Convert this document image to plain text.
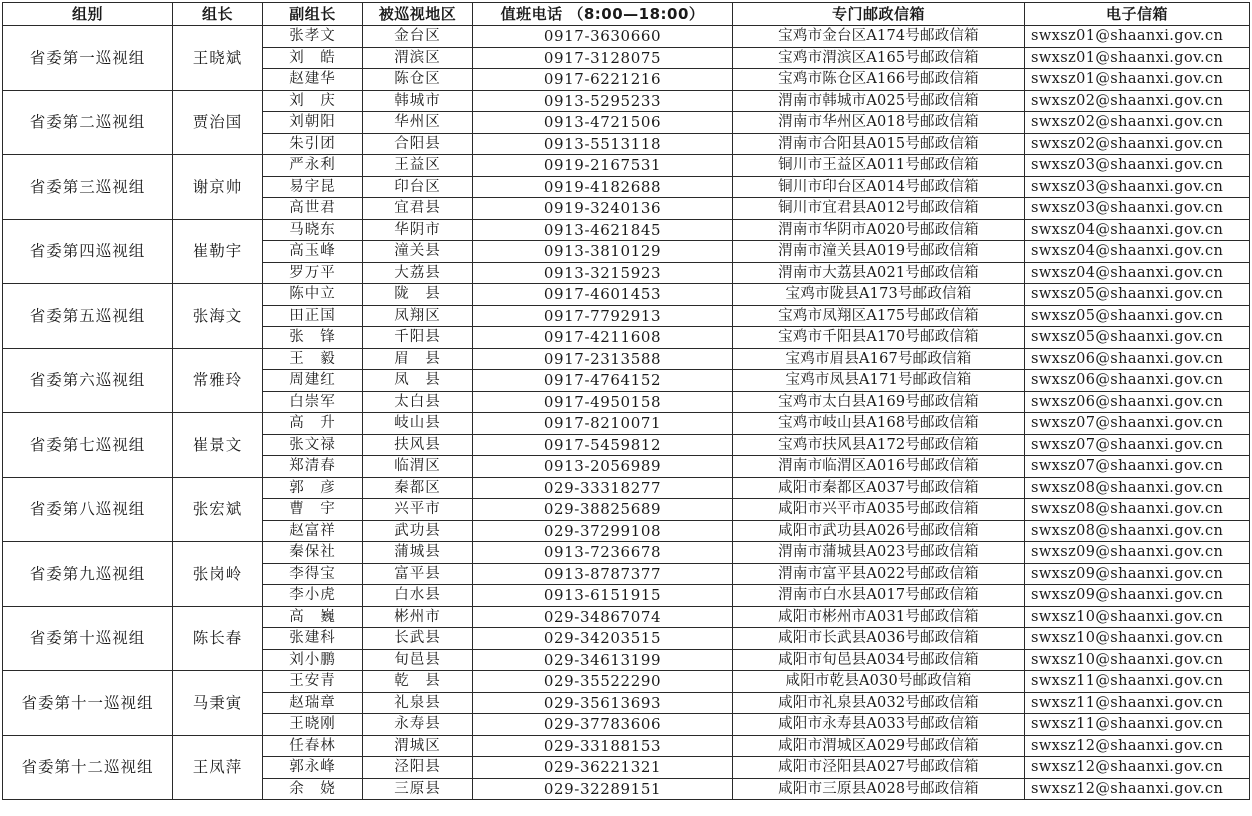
组别	组长	副组长	被巡视地区	值班电话 （8:00—18:00）	专门邮政信箱	电子信箱
省委第一巡视组	王晓斌	张孝文	金台区	0917-3630660	宝鸡市金台区A174号邮政信箱	swxsz01@shaanxi.gov.cn
		刘　皓	渭滨区	0917-3128075	宝鸡市渭滨区A165号邮政信箱	swxsz01@shaanxi.gov.cn
		赵建华	陈仓区	0917-6221216	宝鸡市陈仓区A166号邮政信箱	swxsz01@shaanxi.gov.cn
省委第二巡视组	贾治国	刘　庆	韩城市	0913-5295233	渭南市韩城市A025号邮政信箱	swxsz02@shaanxi.gov.cn
		刘朝阳	华州区	0913-4721506	渭南市华州区A018号邮政信箱	swxsz02@shaanxi.gov.cn
		朱引团	合阳县	0913-5513118	渭南市合阳县A015号邮政信箱	swxsz02@shaanxi.gov.cn
省委第三巡视组	谢京帅	严永利	王益区	0919-2167531	铜川市王益区A011号邮政信箱	swxsz03@shaanxi.gov.cn
		易宇昆	印台区	0919-4182688	铜川市印台区A014号邮政信箱	swxsz03@shaanxi.gov.cn
		高世君	宜君县	0919-3240136	铜川市宜君县A012号邮政信箱	swxsz03@shaanxi.gov.cn
省委第四巡视组	崔勒宇	马晓东	华阴市	0913-4621845	渭南市华阴市A020号邮政信箱	swxsz04@shaanxi.gov.cn
		高玉峰	潼关县	0913-3810129	渭南市潼关县A019号邮政信箱	swxsz04@shaanxi.gov.cn
		罗万平	大荔县	0913-3215923	渭南市大荔县A021号邮政信箱	swxsz04@shaanxi.gov.cn
省委第五巡视组	张海文	陈中立	陇　县	0917-4601453	宝鸡市陇县A173号邮政信箱	swxsz05@shaanxi.gov.cn
		田正国	凤翔区	0917-7792913	宝鸡市凤翔区A175号邮政信箱	swxsz05@shaanxi.gov.cn
		张　锋	千阳县	0917-4211608	宝鸡市千阳县A170号邮政信箱	swxsz05@shaanxi.gov.cn
省委第六巡视组	常雅玲	王　毅	眉　县	0917-2313588	宝鸡市眉县A167号邮政信箱	swxsz06@shaanxi.gov.cn
		周建红	凤　县	0917-4764152	宝鸡市凤县A171号邮政信箱	swxsz06@shaanxi.gov.cn
		白崇军	太白县	0917-4950158	宝鸡市太白县A169号邮政信箱	swxsz06@shaanxi.gov.cn
省委第七巡视组	崔景文	高　升	岐山县	0917-8210071	宝鸡市岐山县A168号邮政信箱	swxsz07@shaanxi.gov.cn
		张文禄	扶风县	0917-5459812	宝鸡市扶风县A172号邮政信箱	swxsz07@shaanxi.gov.cn
		郑清春	临渭区	0913-2056989	渭南市临渭区A016号邮政信箱	swxsz07@shaanxi.gov.cn
省委第八巡视组	张宏斌	郭　彦	秦都区	029-33318277	咸阳市秦都区A037号邮政信箱	swxsz08@shaanxi.gov.cn
		曹　宇	兴平市	029-38825689	咸阳市兴平市A035号邮政信箱	swxsz08@shaanxi.gov.cn
		赵富祥	武功县	029-37299108	咸阳市武功县A026号邮政信箱	swxsz08@shaanxi.gov.cn
省委第九巡视组	张岗岭	秦保社	蒲城县	0913-7236678	渭南市蒲城县A023号邮政信箱	swxsz09@shaanxi.gov.cn
		李得宝	富平县	0913-8787377	渭南市富平县A022号邮政信箱	swxsz09@shaanxi.gov.cn
		李小虎	白水县	0913-6151915	渭南市白水县A017号邮政信箱	swxsz09@shaanxi.gov.cn
省委第十巡视组	陈长春	高　巍	彬州市	029-34867074	咸阳市彬州市A031号邮政信箱	swxsz10@shaanxi.gov.cn
		张建科	长武县	029-34203515	咸阳市长武县A036号邮政信箱	swxsz10@shaanxi.gov.cn
		刘小鹏	旬邑县	029-34613199	咸阳市旬邑县A034号邮政信箱	swxsz10@shaanxi.gov.cn
省委第十一巡视组	马秉寅	王安青	乾　县	029-35522290	咸阳市乾县A030号邮政信箱	swxsz11@shaanxi.gov.cn
		赵瑞章	礼泉县	029-35613693	咸阳市礼泉县A032号邮政信箱	swxsz11@shaanxi.gov.cn
		王晓刚	永寿县	029-37783606	咸阳市永寿县A033号邮政信箱	swxsz11@shaanxi.gov.cn
省委第十二巡视组	王凤萍	任春林	渭城区	029-33188153	咸阳市渭城区A029号邮政信箱	swxsz12@shaanxi.gov.cn
		郭永峰	泾阳县	029-36221321	咸阳市泾阳县A027号邮政信箱	swxsz12@shaanxi.gov.cn
		余　娆	三原县	029-32289151	咸阳市三原县A028号邮政信箱	swxsz12@shaanxi.gov.cn
